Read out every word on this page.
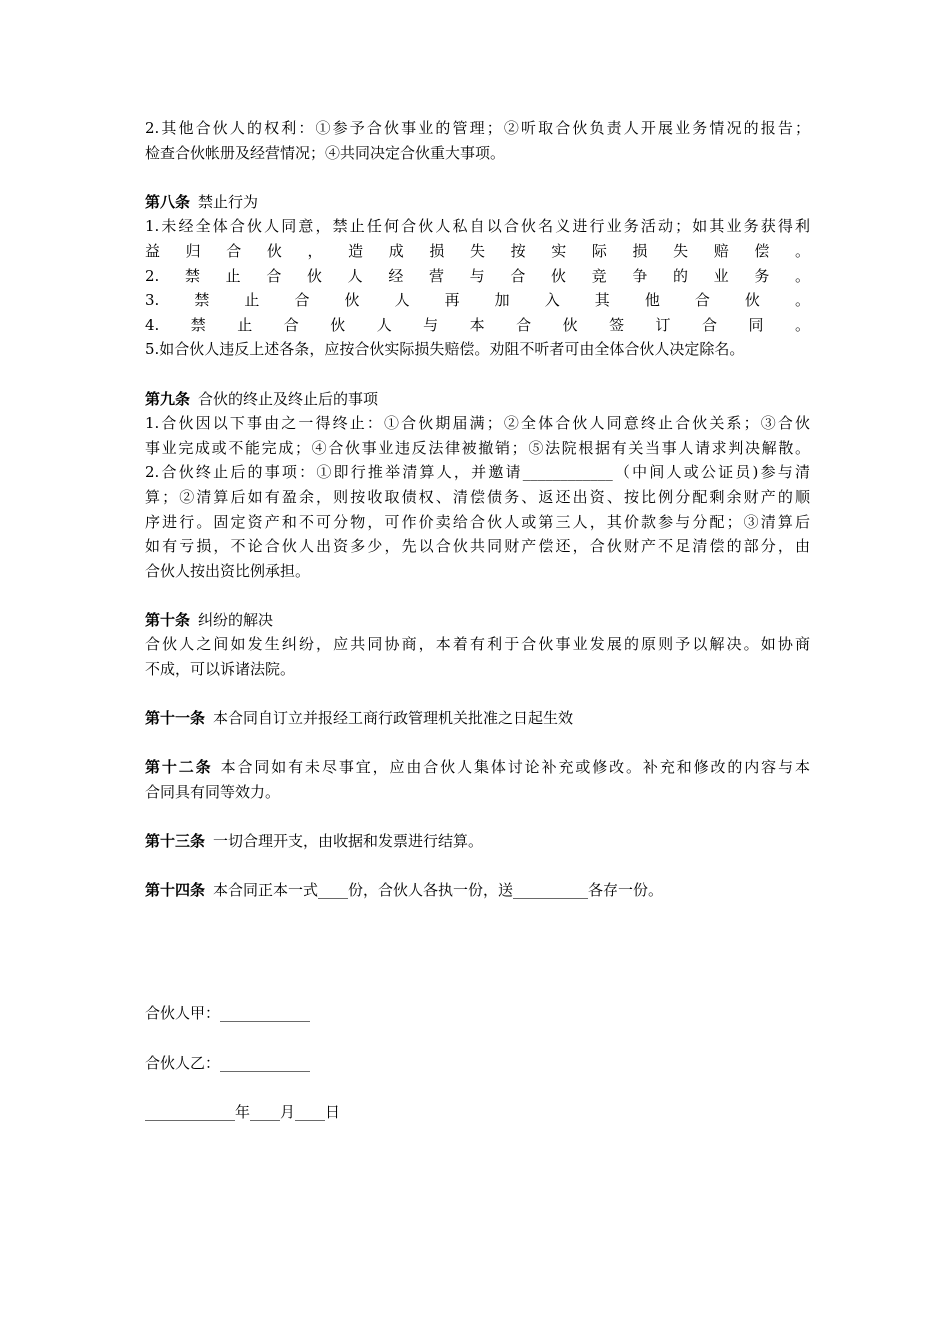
2.其他合伙人的权利：①参予合伙事业的管理；②听取合伙负责人开展业务情况的报告；
检查合伙帐册及经营情况；④共同决定合伙重大事项。
第八条 禁止行为
1.未经全体合伙人同意，禁止任何合伙人私自以合伙名义进行业务活动；如其业务获得利
益归合伙，造成损失按实际损失赔偿。
2.禁止合伙人经营与合伙竞争的业务。
3.禁止合伙人再加入其他合伙。
4.禁止合伙人与本合伙签订合同。
5.如合伙人违反上述各条，应按合伙实际损失赔偿。劝阻不听者可由全体合伙人决定除名。
第九条 合伙的终止及终止后的事项
1.合伙因以下事由之一得终止：①合伙期届满；②全体合伙人同意终止合伙关系；③合伙
事业完成或不能完成；④合伙事业违反法律被撤销；⑤法院根据有关当事人请求判决解散。
2.合伙终止后的事项：①即行推举清算人，并邀请____________（中间人或公证员)参与清
算；②清算后如有盈余，则按收取债权、清偿债务、返还出资、按比例分配剩余财产的顺
序进行。固定资产和不可分物，可作价卖给合伙人或第三人，其价款参与分配；③清算后
如有亏损，不论合伙人出资多少，先以合伙共同财产偿还，合伙财产不足清偿的部分，由
合伙人按出资比例承担。
第十条 纠纷的解决
合伙人之间如发生纠纷，应共同协商，本着有利于合伙事业发展的原则予以解决。如协商
不成，可以诉诸法院。
第十一条 本合同自订立并报经工商行政管理机关批准之日起生效
第十二条 本合同如有未尽事宜，应由合伙人集体讨论补充或修改。补充和修改的内容与本
合同具有同等效力。
第十三条 一切合理开支，由收据和发票进行结算。
第十四条 本合同正本一式____份，合伙人各执一份，送__________各存一份。
合伙人甲：____________
合伙人乙：____________
____________年____月____日
